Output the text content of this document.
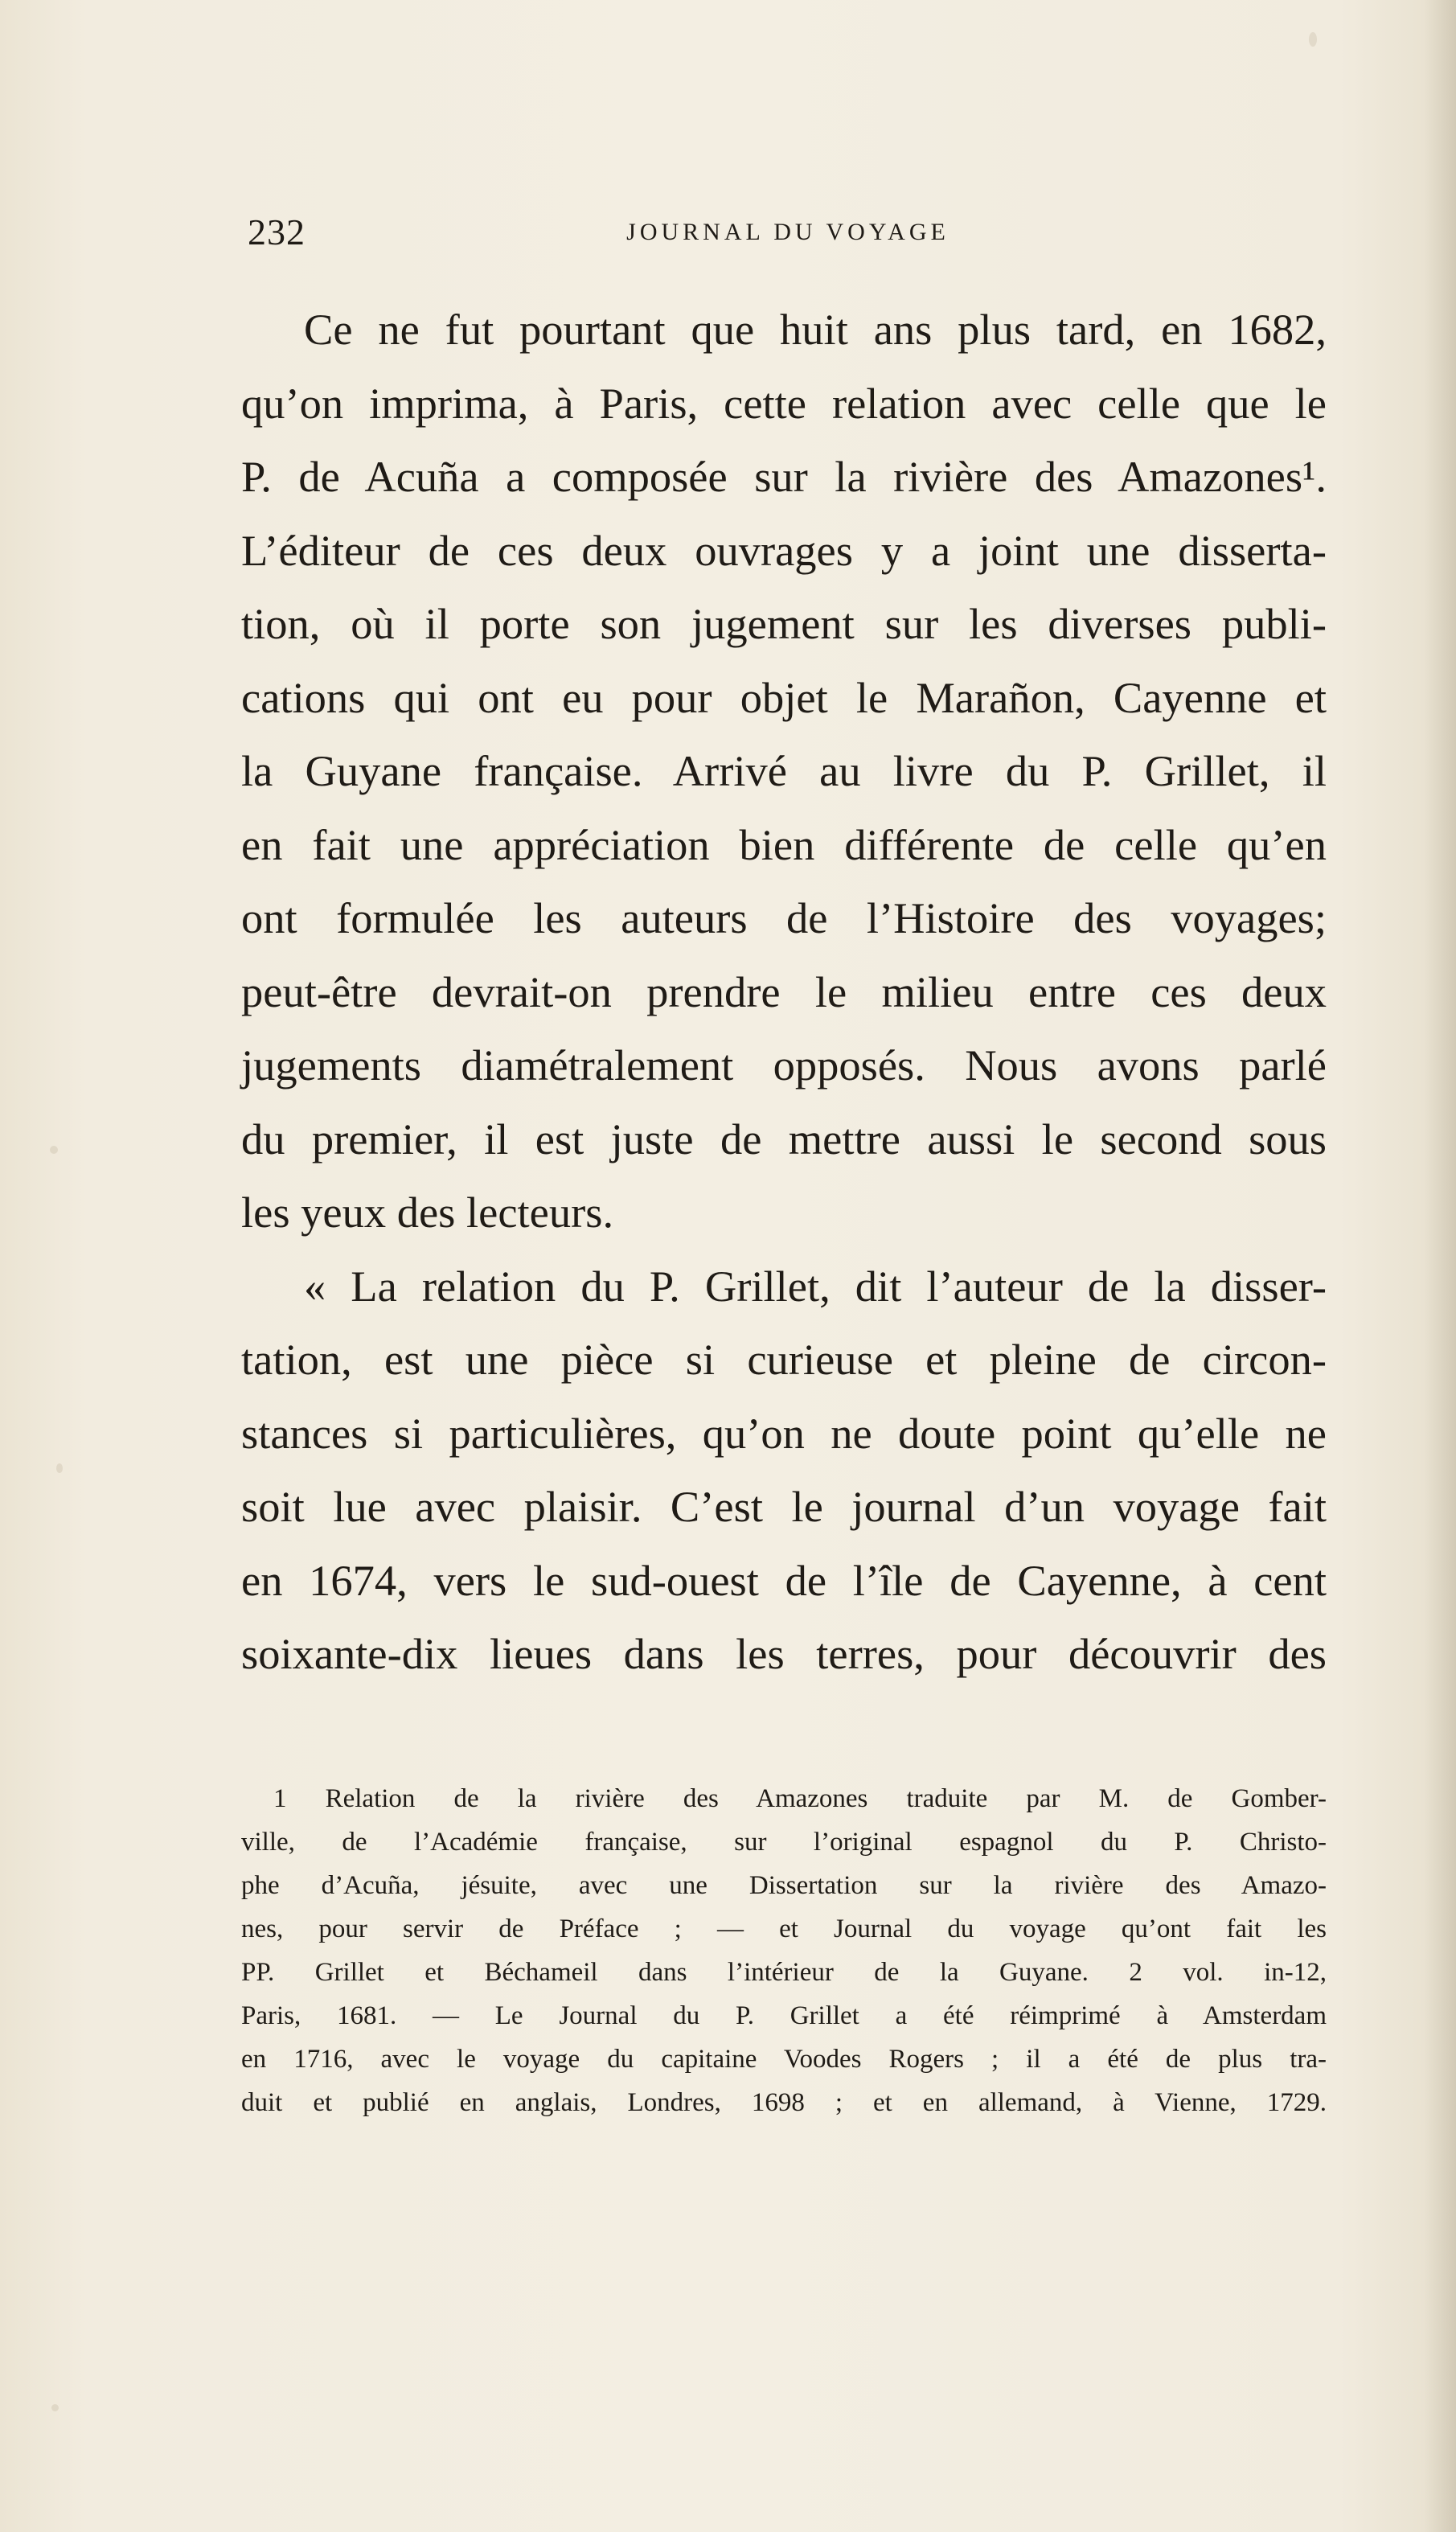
232	JOURNAL DU VOYAGE
Ce ne fut pourtant que huit ans plus tard, en 1682,
qu’on imprima, à Paris, cette relation avec celle que le
P. de Acuña a composée sur la rivière des Amazones¹.
L’éditeur de ces deux ouvrages y a joint une disserta-
tion, où il porte son jugement sur les diverses publi-
cations qui ont eu pour objet le Marañon, Cayenne et
la Guyane française. Arrivé au livre du P. Grillet, il
en fait une appréciation bien différente de celle qu’en
ont formulée les auteurs de l’Histoire des voyages;
peut-être devrait-on prendre le milieu entre ces deux
jugements diamétralement opposés. Nous avons parlé
du premier, il est juste de mettre aussi le second sous
les yeux des lecteurs.
« La relation du P. Grillet, dit l’auteur de la disser-
tation, est une pièce si curieuse et pleine de circon-
stances si particulières, qu’on ne doute point qu’elle ne
soit lue avec plaisir. C’est le journal d’un voyage fait
en 1674, vers le sud-ouest de l’île de Cayenne, à cent
soixante-dix lieues dans les terres, pour découvrir des
1 Relation de la rivière des Amazones traduite par M. de Gomber-
ville, de l’Académie française, sur l’original espagnol du P. Christo-
phe d’Acuña, jésuite, avec une Dissertation sur la rivière des Amazo-
nes, pour servir de Préface ; — et Journal du voyage qu’ont fait les
PP. Grillet et Béchameil dans l’intérieur de la Guyane. 2 vol. in-12,
Paris, 1681. — Le Journal du P. Grillet a été réimprimé à Amsterdam
en 1716, avec le voyage du capitaine Voodes Rogers ; il a été de plus tra-
duit et publié en anglais, Londres, 1698 ; et en allemand, à Vienne, 1729.
